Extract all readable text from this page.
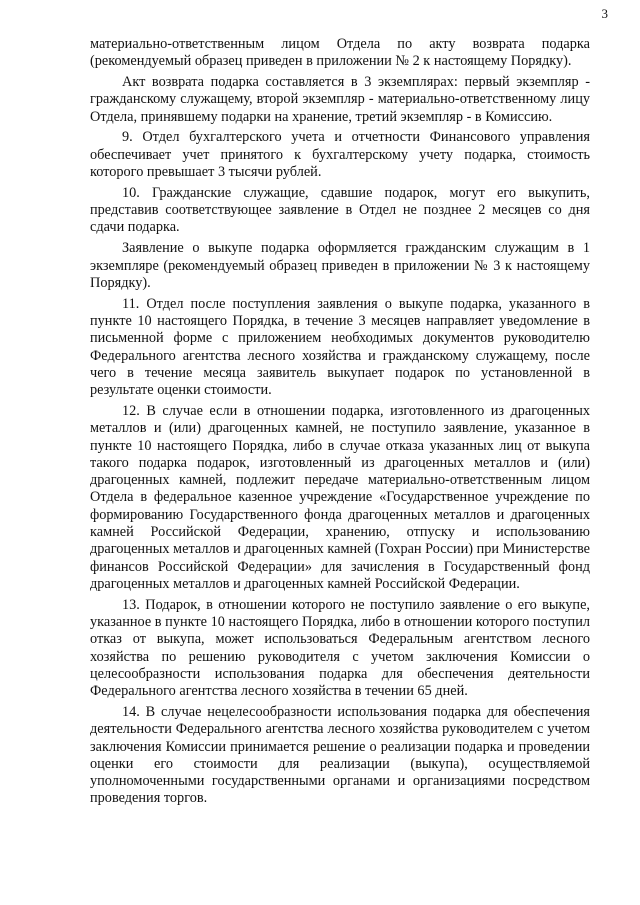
3

материально-ответственным лицом Отдела по акту возврата подарка (рекомендуемый образец приведен в приложении № 2 к настоящему Порядку).

Акт возврата подарка составляется в 3 экземплярах: первый экземпляр - гражданскому служащему, второй экземпляр - материально-ответственному лицу Отдела, принявшему подарки на хранение, третий экземпляр - в Комиссию.

9. Отдел бухгалтерского учета и отчетности Финансового управления обеспечивает учет принятого к бухгалтерскому учету подарка, стоимость которого превышает 3 тысячи рублей.

10. Гражданские служащие, сдавшие подарок, могут его выкупить, представив соответствующее заявление в Отдел не позднее 2 месяцев со дня сдачи подарка.

Заявление о выкупе подарка оформляется гражданским служащим в 1 экземпляре (рекомендуемый образец приведен в приложении № 3 к настоящему Порядку).

11. Отдел после поступления заявления о выкупе подарка, указанного в пункте 10 настоящего Порядка, в течение 3 месяцев направляет уведомление в письменной форме с приложением необходимых документов руководителю Федерального агентства лесного хозяйства и гражданскому служащему, после чего в течение месяца заявитель выкупает подарок по установленной в результате оценки стоимости.

12. В случае если в отношении подарка, изготовленного из драгоценных металлов и (или) драгоценных камней, не поступило заявление, указанное в пункте 10 настоящего Порядка, либо в случае отказа указанных лиц от выкупа такого подарка подарок, изготовленный из драгоценных металлов и (или) драгоценных камней, подлежит передаче материально-ответственным лицом Отдела в федеральное казенное учреждение «Государственное учреждение по формированию Государственного фонда драгоценных металлов и драгоценных камней Российской Федерации, хранению, отпуску и использованию драгоценных металлов и драгоценных камней (Гохран России) при Министерстве финансов Российской Федерации» для зачисления в Государственный фонд драгоценных металлов и драгоценных камней Российской Федерации.

13. Подарок, в отношении которого не поступило заявление о его выкупе, указанное в пункте 10 настоящего Порядка, либо в отношении которого поступил отказ от выкупа, может использоваться Федеральным агентством лесного хозяйства по решению руководителя с учетом заключения Комиссии о целесообразности использования подарка для обеспечения деятельности Федерального агентства лесного хозяйства в течении 65 дней.

14. В случае нецелесообразности использования подарка для обеспечения деятельности Федерального агентства лесного хозяйства руководителем с учетом заключения Комиссии принимается решение о реализации подарка и проведении оценки его стоимости для реализации (выкупа), осуществляемой уполномоченными государственными органами и организациями посредством проведения торгов.
